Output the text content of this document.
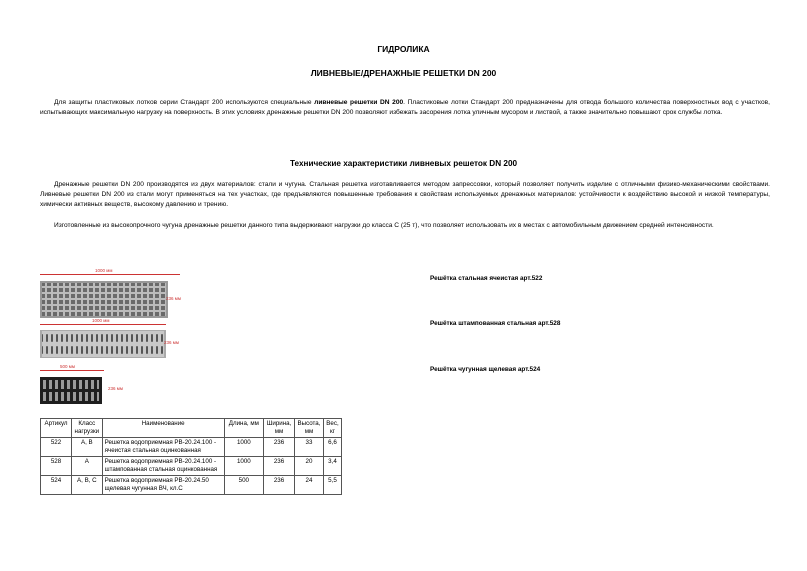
ГИДРОЛИКА
ЛИВНЕВЫЕ/ДРЕНАЖНЫЕ РЕШЕТКИ DN 200
Для защиты пластиковых лотков серии Стандарт 200 используются специальные ливневые решетки DN 200. Пластиковые лотки Стандарт 200 предназначены для отвода большого количества поверхностных вод с участков, испытывающих максимальную нагрузку на поверхность. В этих условиях дренажные решетки DN 200 позволяют избежать засорения лотка уличным мусором и листвой, а также значительно повышают срок службы лотка.
Технические характеристики ливневых решеток DN 200
Дренажные решетки DN 200 производятся из двух материалов: стали и чугуна. Стальная решетка изготавливается методом запрессовки, который позволяет получить изделие с отличными физико-механическими свойствами. Ливневые решетки DN 200 из стали могут применяться на тех участках, где предъявляются повышенные требования к свойствам используемых дренажных материалов: устойчивости к воздействию высокой и низкой температуры, химически активных веществ, высокому давлению и трению.
Изготовленные из высокопрочного чугуна дренажные решетки данного типа выдерживают нагрузки до класса С (25 т), что позволяет использовать их в местах с автомобильным движением средней интенсивности.
1000 мм
236 мм
1000 мм
236 мм
500 мм
236 мм
Решётка стальная ячеистая арт.522
Решётка штампованная стальная арт.528
Решётка чугунная щелевая арт.524
Артикул	Класс нагрузки	Наименование	Длина, мм	Ширина, мм	Высота, мм	Вес, кг
522	А, В	Решетка водоприемная РВ-20.24.100 - ячеистая стальная оцинкованная	1000	236	33	6,6
528	А	Решетка водоприемная РВ-20.24.100 - штампованная стальная оцинкованная	1000	236	20	3,4
524	А, В, С	Решетка водоприемная РВ-20.24.50 щелевая чугунная ВЧ, кл.С	500	236	24	5,5
